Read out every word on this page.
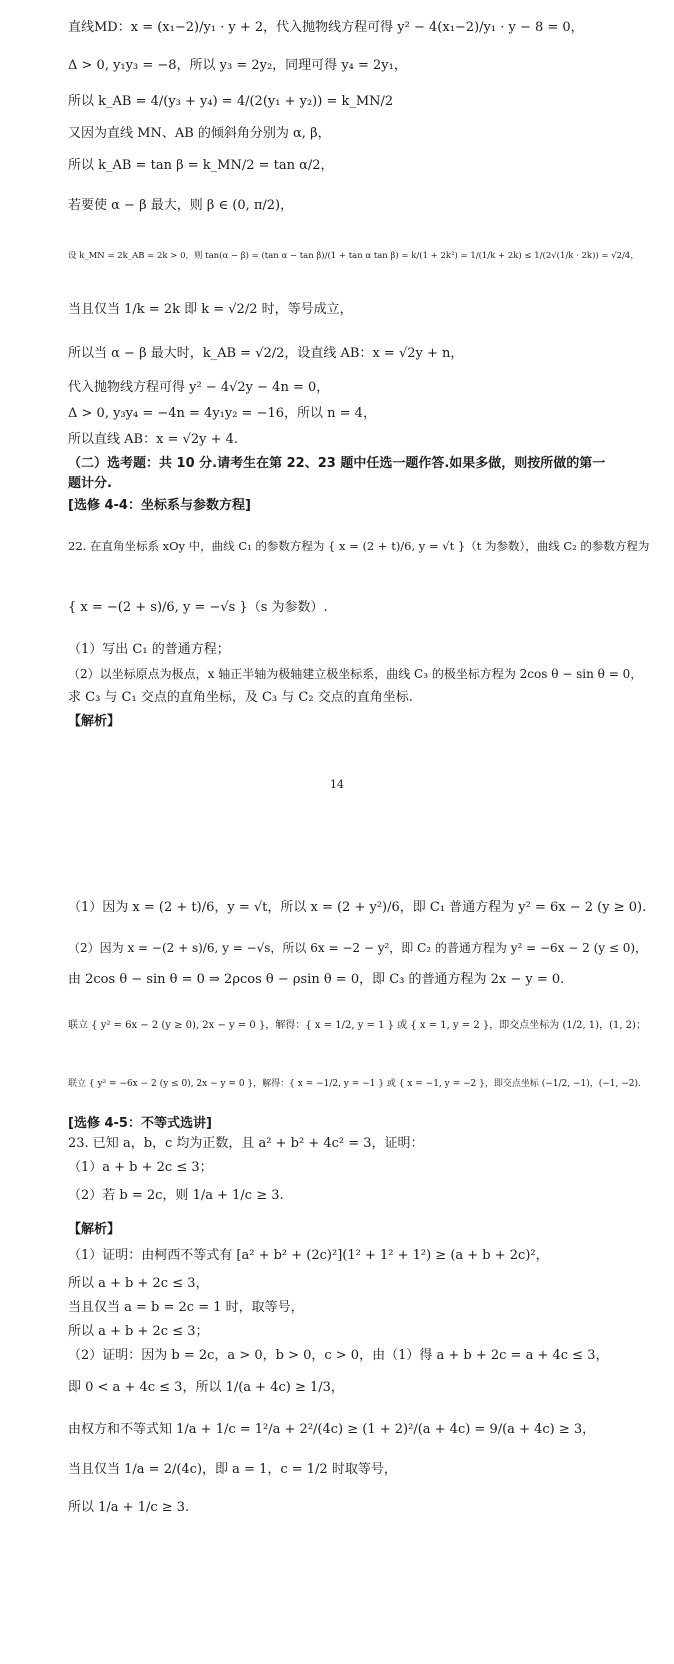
直线MD：x = (x₁−2)/y₁ · y + 2，代入抛物线方程可得 y² − 4(x₁−2)/y₁ · y − 8 = 0，
Δ > 0, y₁y₃ = −8，所以 y₃ = 2y₂，同理可得 y₄ = 2y₁，
所以 k_AB = 4/(y₃ + y₄) = 4/(2(y₁ + y₂)) = k_MN/2
又因为直线 MN、AB 的倾斜角分别为 α, β，
所以 k_AB = tan β = k_MN/2 = tan α/2，
若要使 α − β 最大，则 β ∈ (0, π/2)，
设 k_MN = 2k_AB = 2k > 0，则 tan(α − β) = (tan α − tan β)/(1 + tan α tan β) = k/(1 + 2k²) = 1/(1/k + 2k) ≤ 1/(2√(1/k · 2k)) = √2/4，
当且仅当 1/k = 2k 即 k = √2/2 时，等号成立，
所以当 α − β 最大时，k_AB = √2/2，设直线 AB：x = √2y + n，
代入抛物线方程可得 y² − 4√2y − 4n = 0，
Δ > 0, y₃y₄ = −4n = 4y₁y₂ = −16，所以 n = 4，
所以直线 AB：x = √2y + 4.
（二）选考题：共 10 分.请考生在第 22、23 题中任选一题作答.如果多做，则按所做的第一
题计分.
[选修 4-4：坐标系与参数方程]
22. 在直角坐标系 xOy 中，曲线 C₁ 的参数方程为 { x = (2 + t)/6, y = √t }（t 为参数），曲线 C₂ 的参数方程为
{ x = −(2 + s)/6, y = −√s }（s 为参数）.
（1）写出 C₁ 的普通方程；
（2）以坐标原点为极点，x 轴正半轴为极轴建立极坐标系，曲线 C₃ 的极坐标方程为 2cos θ − sin θ = 0，
求 C₃ 与 C₁ 交点的直角坐标，及 C₃ 与 C₂ 交点的直角坐标.
【解析】
14
（1）因为 x = (2 + t)/6，y = √t，所以 x = (2 + y²)/6，即 C₁ 普通方程为 y² = 6x − 2 (y ≥ 0).
（2）因为 x = −(2 + s)/6, y = −√s，所以 6x = −2 − y²，即 C₂ 的普通方程为 y² = −6x − 2 (y ≤ 0)，
由 2cos θ − sin θ = 0 ⇒ 2ρcos θ − ρsin θ = 0，即 C₃ 的普通方程为 2x − y = 0.
联立 { y² = 6x − 2 (y ≥ 0), 2x − y = 0 }，解得：{ x = 1/2, y = 1 } 或 { x = 1, y = 2 }，即交点坐标为 (1/2, 1)，(1, 2)；
联立 { y² = −6x − 2 (y ≤ 0), 2x − y = 0 }，解得：{ x = −1/2, y = −1 } 或 { x = −1, y = −2 }，即交点坐标 (−1/2, −1)，(−1, −2).
[选修 4-5：不等式选讲]
23. 已知 a，b，c 均为正数，且 a² + b² + 4c² = 3，证明：
（1）a + b + 2c ≤ 3；
（2）若 b = 2c，则 1/a + 1/c ≥ 3.
【解析】
（1）证明：由柯西不等式有 [a² + b² + (2c)²](1² + 1² + 1²) ≥ (a + b + 2c)²，
所以 a + b + 2c ≤ 3，
当且仅当 a = b = 2c = 1 时，取等号，
所以 a + b + 2c ≤ 3；
（2）证明：因为 b = 2c，a > 0，b > 0，c > 0，由（1）得 a + b + 2c = a + 4c ≤ 3，
即 0 < a + 4c ≤ 3，所以 1/(a + 4c) ≥ 1/3，
由权方和不等式知 1/a + 1/c = 1²/a + 2²/(4c) ≥ (1 + 2)²/(a + 4c) = 9/(a + 4c) ≥ 3，
当且仅当 1/a = 2/(4c)，即 a = 1，c = 1/2 时取等号，
所以 1/a + 1/c ≥ 3.
